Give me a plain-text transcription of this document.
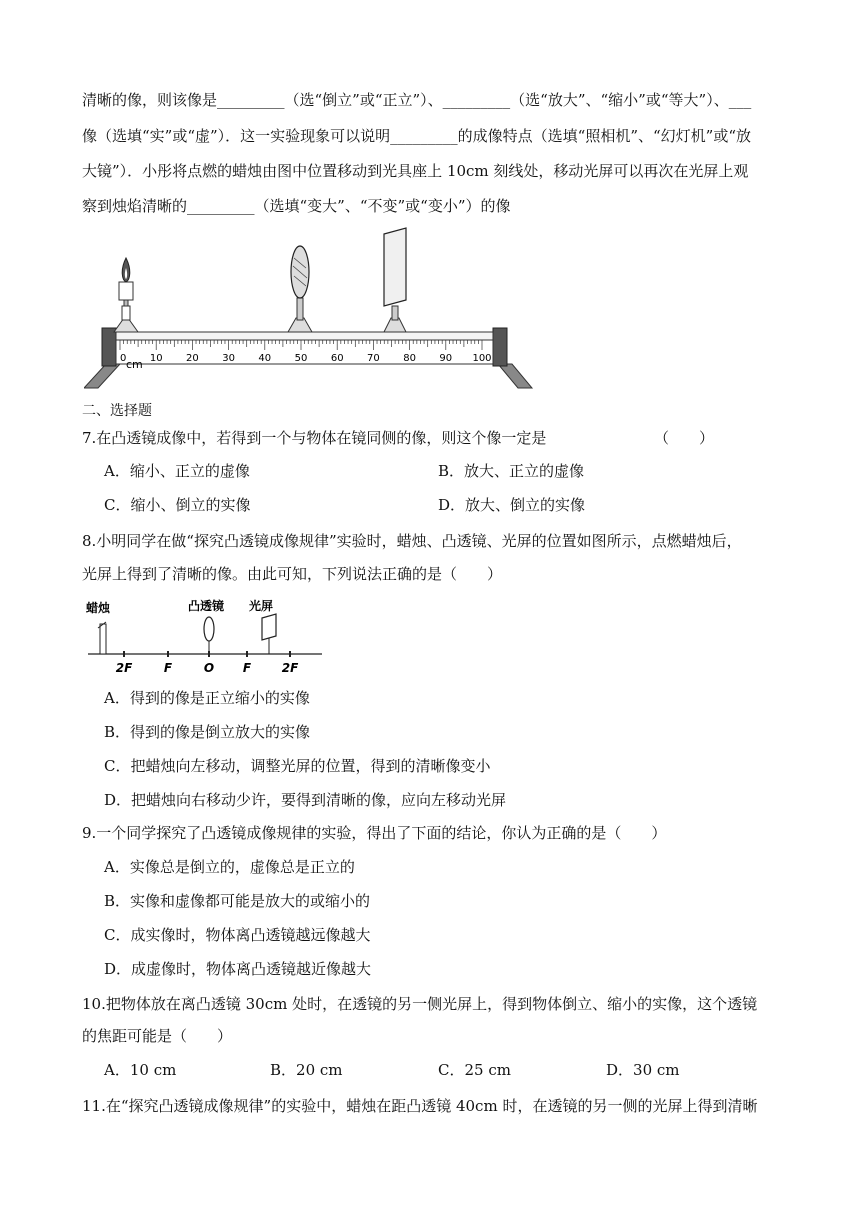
清晰的像，则该像是_________（选“倒立”或“正立”）、_________（选“放大”、“缩小”或“等大”）、___
像（选填“实”或“虚”）．这一实验现象可以说明_________的成像特点（选填“照相机”、“幻灯机”或“放
大镜”）．小彤将点燃的蜡烛由图中位置移动到光具座上 10cm 刻线处，移动光屏可以再次在光屏上观
察到烛焰清晰的_________（选填“变大”、“不变”或“变小”）的像
0 10 20 30 40 50 60 70 80 90 100
cm
二、选择题
7.在凸透镜成像中，若得到一个与物体在镜同侧的像，则这个像一定是	（　　）
A．缩小、正立的虚像	B．放大、正立的虚像
C．缩小、倒立的实像	D．放大、倒立的实像
8.小明同学在做“探究凸透镜成像规律”实验时，蜡烛、凸透镜、光屏的位置如图所示，点燃蜡烛后，
光屏上得到了清晰的像。由此可知，下列说法正确的是（　　）
蜡烛	凸透镜 光屏
2F	F	O F	2F
A．得到的像是正立缩小的实像
B．得到的像是倒立放大的实像
C．把蜡烛向左移动，调整光屏的位置，得到的清晰像变小
D．把蜡烛向右移动少许，要得到清晰的像，应向左移动光屏
9.一个同学探究了凸透镜成像规律的实验，得出了下面的结论，你认为正确的是（　　）
A．实像总是倒立的，虚像总是正立的
B．实像和虚像都可能是放大的或缩小的
C．成实像时，物体离凸透镜越远像越大
D．成虚像时，物体离凸透镜越近像越大
10.把物体放在离凸透镜 30cm 处时，在透镜的另一侧光屏上，得到物体倒立、缩小的实像，这个透镜
的焦距可能是（　　）
A．10 cm	B．20 cm	C．25 cm	D．30 cm
11.在“探究凸透镜成像规律”的实验中，蜡烛在距凸透镜 40cm 时，在透镜的另一侧的光屏上得到清晰
